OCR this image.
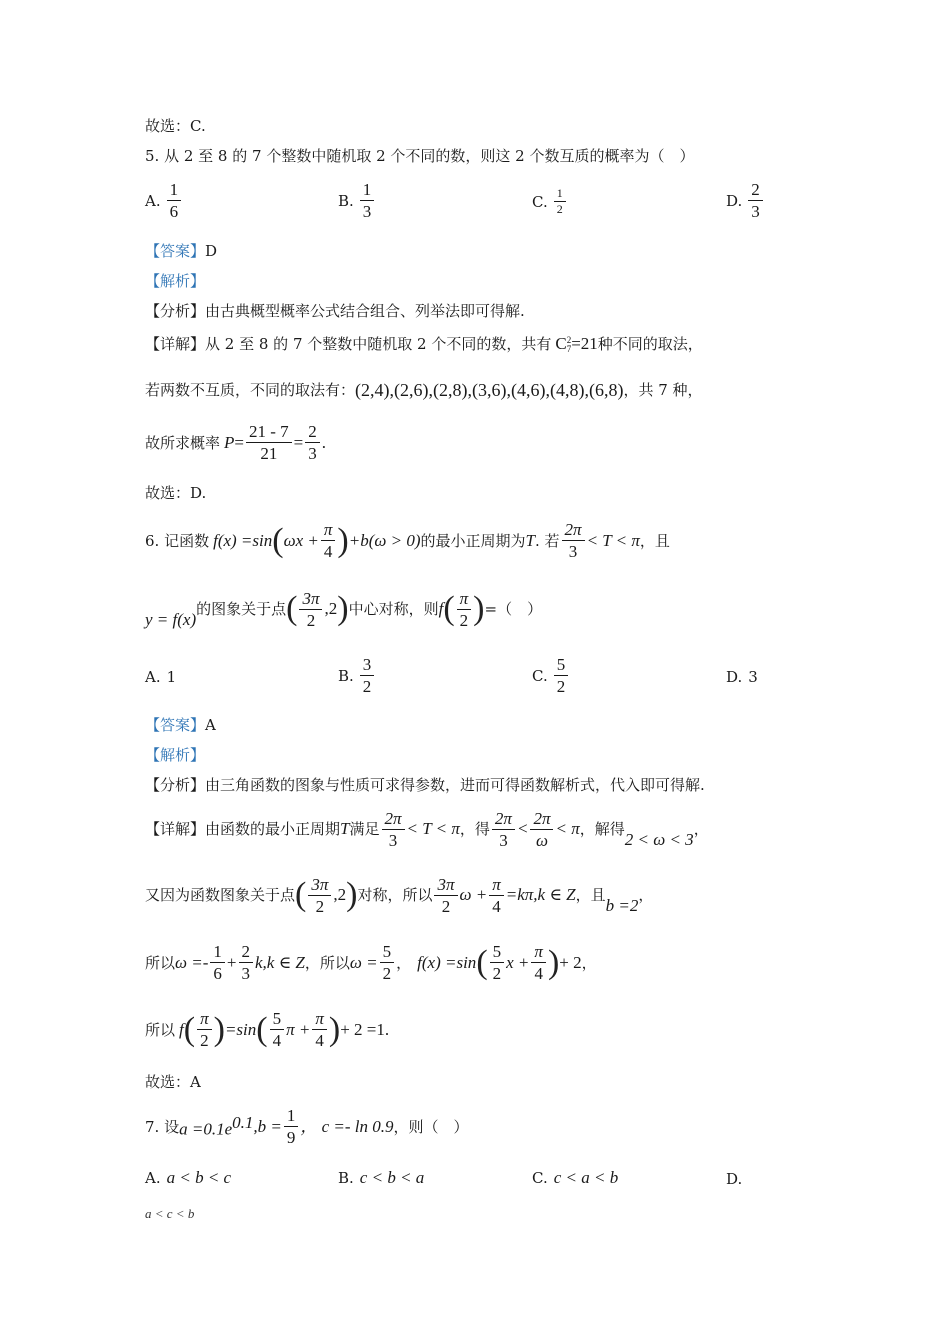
故选：C.
5. 从 2 至 8 的 7 个整数中随机取 2 个不同的数，则这 2 个数互质的概率为（　）
A. $\frac{1}{6}$	B. $\frac{1}{3}$	C. $\frac{1}{2}$	D. $\frac{2}{3}$
【答案】D
【解析】
【分析】由古典概型概率公式结合组合、列举法即可得解.
【详解】 从 2 至 8 的 7 个整数中随机取 2 个不同的数，共有 C 2
7 =21 种不同的取法，
若两数不互质，不同的取法有： (2,4),(2,6),(2,8),(3,6),(4,6),(4,8),(6,8) ，共 7 种，
故所求概率 $P = \frac{21 - 7}{21} = \frac{2}{3}$ .
故选：D.
6. 记函数 f(x) =sin ( $\omega x + \frac{\pi}{4}$ ) +b(ω > 0) 的最小正周期为 T . 若 $\frac{2\pi}{3} < T < \pi$ ，且
y = f(x)
的图象关于点 ( $\frac{3\pi}{2} ,2$ ) 中心对称，则 f ( $\frac{\pi}{2}$ ) =（　）
A. 1	B. $\frac{3}{2}$	C. $\frac{5}{2}$	D. 3
【答案】A
【解析】
【分析】由三角函数的图象与性质可求得参数，进而可得函数解析式，代入即可得解.
【详解】 由函数的最小正周期 T 满足 $\frac{2\pi}{3} < T < \pi$ ，得 $\frac{2\pi}{3} < \frac{2\pi}{\omega} < \pi$ ，解得
2 < ω < 3
，
又因为函数图象关于点 ( $\frac{3\pi}{2} ,2$ ) 对称，所以 $\frac{3\pi}{2}$ $\omega + \frac{\pi}{4} =k\pi,k$ ∈ Z ，且
b =2
，
所以 $\omega =- \frac{1}{6} + \frac{2}{3} k,k$ ∈ Z ，所以 $\omega = \frac{5}{2}$ ， f(x) =sin ( $\frac{5}{2}$ $x + \frac{\pi}{4}$ ) + 2 ，
所以 f ( $\frac{\pi}{2}$ ) =sin ( $\frac{5}{4}$ $\pi + \frac{\pi}{4}$ ) + 2 =1 .
故选：A
7. 设 $a =0.1e^{0.1}$ $,b = \frac{1}{9}$ ， c =- ln 0.9 ，则（　）
A. a < b < c	B. c < b < a	C. c < a < b	D.
a < c < b
